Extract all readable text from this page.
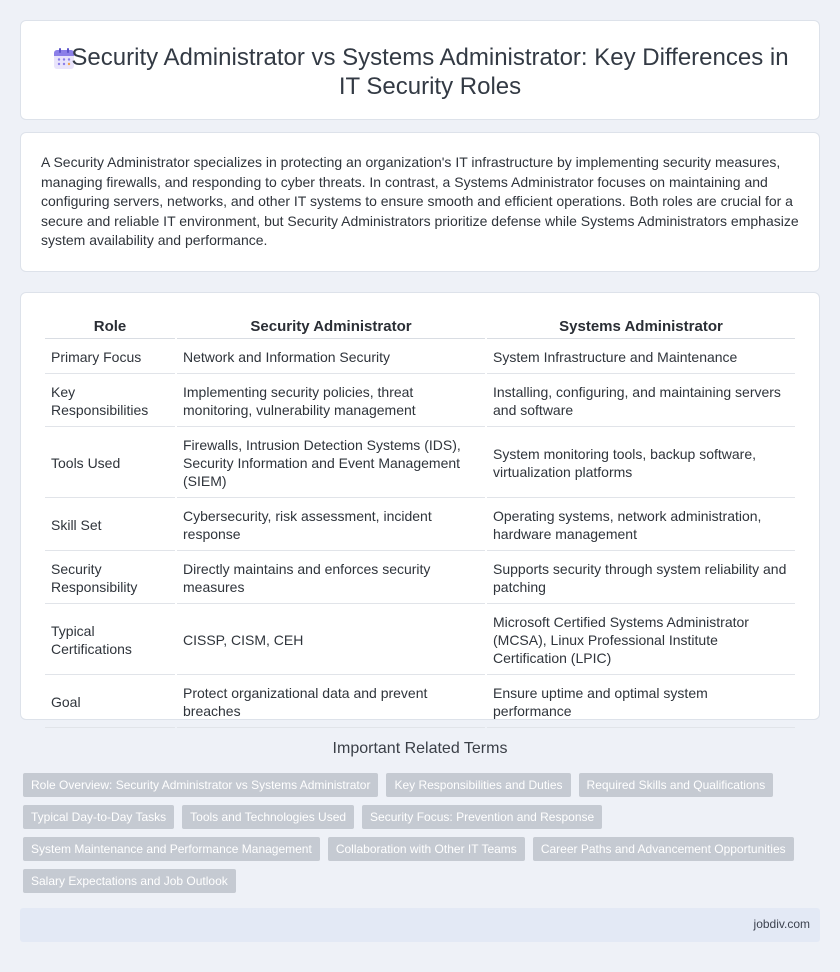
Security Administrator vs Systems Administrator: Key Differences in IT Security Roles

A Security Administrator specializes in protecting an organization's IT infrastructure by implementing security measures, managing firewalls, and responding to cyber threats. In contrast, a Systems Administrator focuses on maintaining and configuring servers, networks, and other IT systems to ensure smooth and efficient operations. Both roles are crucial for a secure and reliable IT environment, but Security Administrators prioritize defense while Systems Administrators emphasize system availability and performance.

Role	Security Administrator	Systems Administrator
Primary Focus	Network and Information Security	System Infrastructure and Maintenance
Key Responsibilities	Implementing security policies, threat monitoring, vulnerability management	Installing, configuring, and maintaining servers and software
Tools Used	Firewalls, Intrusion Detection Systems (IDS), Security Information and Event Management (SIEM)	System monitoring tools, backup software, virtualization platforms
Skill Set	Cybersecurity, risk assessment, incident response	Operating systems, network administration, hardware management
Security Responsibility	Directly maintains and enforces security measures	Supports security through system reliability and patching
Typical Certifications	CISSP, CISM, CEH	Microsoft Certified Systems Administrator (MCSA), Linux Professional Institute Certification (LPIC)
Goal	Protect organizational data and prevent breaches	Ensure uptime and optimal system performance
Important Related Terms
Role Overview: Security Administrator vs Systems Administrator	Key Responsibilities and Duties	Required Skills and Qualifications
Typical Day-to-Day Tasks	Tools and Technologies Used	Security Focus: Prevention and Response
System Maintenance and Performance Management	Collaboration with Other IT Teams	Career Paths and Advancement Opportunities
Salary Expectations and Job Outlook
jobdiv.com
